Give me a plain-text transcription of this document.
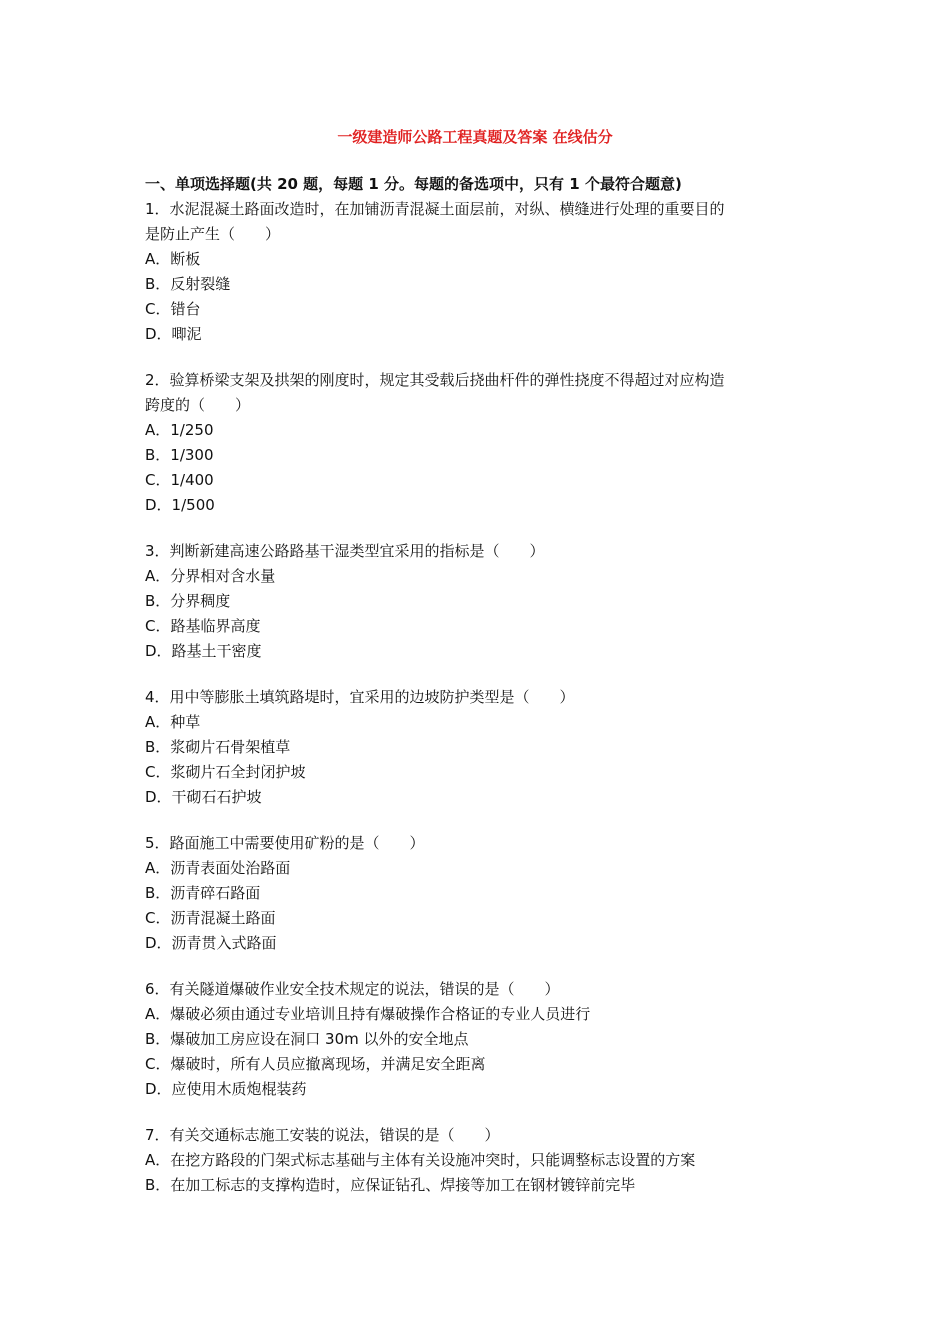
一级建造师公路工程真题及答案 在线估分
一、单项选择题(共 20 题，每题 1 分。每题的备选项中，只有 1 个最符合题意)
1．水泥混凝土路面改造时，在加铺沥青混凝土面层前，对纵、横缝进行处理的重要目的
是防止产生（　　）
A．断板
B．反射裂缝
C．错台
D．唧泥
2．验算桥梁支架及拱架的刚度时，规定其受载后挠曲杆件的弹性挠度不得超过对应构造
跨度的（　　）
A．1/250
B．1/300
C．1/400
D．1/500
3．判断新建高速公路路基干湿类型宜采用的指标是（　　）
A．分界相对含水量
B．分界稠度
C．路基临界高度
D．路基土干密度
4．用中等膨胀土填筑路堤时，宜采用的边坡防护类型是（　　）
A．种草
B．浆砌片石骨架植草
C．浆砌片石全封闭护坡
D．干砌石石护坡
5．路面施工中需要使用矿粉的是（　　）
A．沥青表面处治路面
B．沥青碎石路面
C．沥青混凝土路面
D．沥青贯入式路面
6．有关隧道爆破作业安全技术规定的说法，错误的是（　　）
A．爆破必须由通过专业培训且持有爆破操作合格证的专业人员进行
B．爆破加工房应设在洞口 30m 以外的安全地点
C．爆破时，所有人员应撤离现场，并满足安全距离
D．应使用木质炮棍装药
7．有关交通标志施工安装的说法，错误的是（　　）
A．在挖方路段的门架式标志基础与主体有关设施冲突时，只能调整标志设置的方案
B．在加工标志的支撑构造时，应保证钻孔、焊接等加工在钢材镀锌前完毕
